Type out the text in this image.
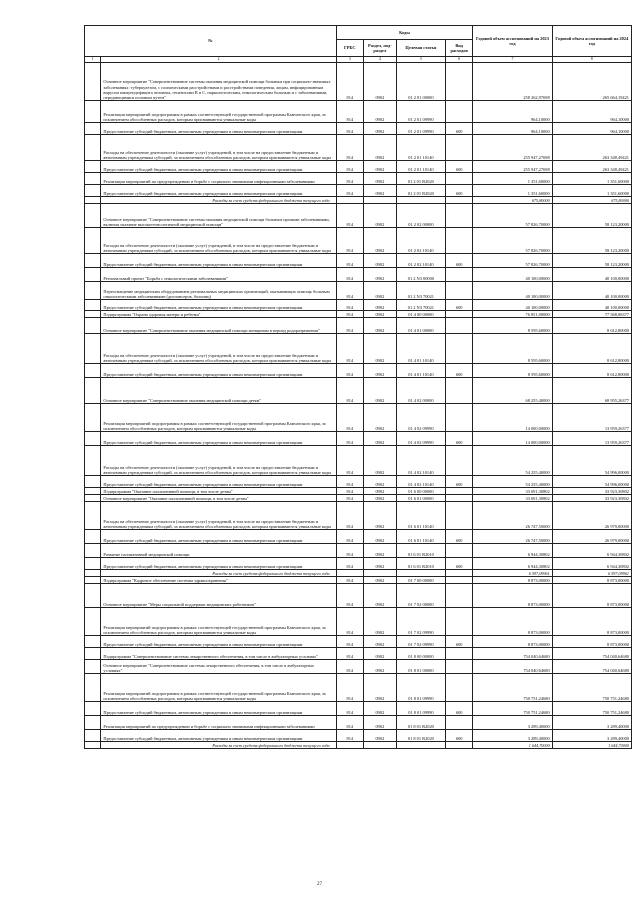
№		Коды				Годовой объем ассигнований на 2023 год	Годовой объем ассигнований на 2024 год
		ГРБС	Раздел, под-раздел	Целевая статья	Вид расходов		
1	2	3	4	5	6	7	8
	Основное мероприятие "Совершенствование системы оказания медицинской помощи больным при социально-значимых заболеваниях: туберкулезом, с психическими расстройствами и расстройствами поведения, лицам, инфицированным вирусом иммунодефицита человека, гепатитами В и С, наркологическим, онкологическим больным и с заболеваниями, передающимися половым путем"	814	0902	01 2 01 00000		258 262,97698	265 664,19421
	Реализация мероприятий подпрограммы в рамках соответствующей государственной программы Камчатского края, за исключением обособленных расходов, которым присваиваются уникальные коды	814	0902	01 2 01 09990		964,10000	964,10000
	Предоставление субсидий бюджетным, автономным учреждениям и иным некоммерческим организациям	814	0902	01 2 01 09990	600	964,10000	964,10000
	Расходы на обеспечение деятельности (оказание услуг) учреждений, в том числе на предоставление бюджетным и автономным учреждениям субсидий, за исключением обособленных расходов, которым присваиваются уникальные коды	814	0902	01 2 01 10140		255 947,27698	263 348,49421
	Предоставление субсидий бюджетным, автономным учреждениям и иным некоммерческим организациям	814	0902	01 2 01 10140	600	255 947,27698	263 348,49421
	Реализация мероприятий по предупреждению и борьбе с социально значимыми инфекционными заболеваниями	814	0902	01 2 01 R2020		1 351,60000	1 351,60000
	Предоставление субсидий бюджетным, автономным учреждениям и иным некоммерческим организациям	814	0902	01 2 01 R2020	600	1 351,60000	1 351,60000
	Расходы за счет средств федерального бюджета текущего года					675,80000	675,80000
	Основное мероприятие "Совершенствование системы оказания медицинской помощи больным прочими заболеваниями, включая оказание высокотехнологичной медицинской помощи"	814	0902	01 2 02 00000		57 826,70000	58 123,20000
	Расходы на обеспечение деятельности (оказание услуг) учреждений, в том числе на предоставление бюджетным и автономным учреждениям субсидий, за исключением обособленных расходов, которым присваиваются уникальные коды	814	0902	01 2 02 10140		57 826,70000	58 123,20000
	Предоставление субсидий бюджетным, автономным учреждениям и иным некоммерческим организациям	814	0902	01 2 02 10140	600	57 826,70000	58 123,20000
	Региональный проект "Борьба с онкологическими заболеваниями"	814	0902	01 2 N3 00000		40 100,00000	40 100,00000
	Переоснащение медицинским оборудованием региональных медицинских организаций, оказывающих помощь больным онкологическими заболеваниями (диспансеров, больниц)	814	0902	01 2 N3 70021		40 100,00000	40 100,00000
	Предоставление субсидий бюджетным, автономным учреждениям и иным некоммерческим организациям	814	0902	01 2 N3 70021	600	40 100,00000	40 100,00000
	Подпрограмма "Охрана здоровья матери и ребенка"	814	0902	01 4 00 00000		76 851,00000	77 568,06377
	Основное мероприятие "Совершенствование оказания медицинской помощи женщинам в период родоразрешения"	814	0902	01 4 01 00000		8 595,60000	8 612,80000
	Расходы на обеспечение деятельности (оказание услуг) учреждений, в том числе на предоставление бюджетным и автономным учреждениям субсидий, за исключением обособленных расходов, которым присваиваются уникальные коды	814	0902	01 4 01 10140		8 595,60000	8 612,80000
	Предоставление субсидий бюджетным, автономным учреждениям и иным некоммерческим организациям	814	0902	01 4 01 10140	600	8 595,60000	8 612,80000
	Основное мероприятие "Совершенствование оказания медицинской помощи детям"	814	0902	01 4 02 00000		68 255,40000	68 955,26377
	Реализация мероприятий подпрограммы в рамках соответствующей государственной программы Камчатского края, за исключением обособленных расходов, которым присваиваются уникальные коды	814	0902	01 4 02 09990		14 000,00000	13 959,26377
	Предоставление субсидий бюджетным, автономным учреждениям и иным некоммерческим организациям	814	0902	01 4 02 09990	600	14 000,00000	13 959,26377
	Расходы на обеспечение деятельности (оказание услуг) учреждений, в том числе на предоставление бюджетным и автономным учреждениям субсидий, за исключением обособленных расходов, которым присваиваются уникальные коды	814	0902	01 4 02 10140		54 255,40000	54 996,00000
	Предоставление субсидий бюджетным, автономным учреждениям и иным некоммерческим организациям	814	0902	01 4 02 10140	600	54 255,40000	54 996,00000
	Подпрограмма "Оказание паллиативной помощи, в том числе детям"	814	0902	01 6 00 00000		33 691,30802	33 923,30802
	Основное мероприятие "Оказание паллиативной помощи, в том числе детям"	814	0902	01 6 01 00000		33 691,30802	33 923,30802
	Расходы на обеспечение деятельности (оказание услуг) учреждений, в том числе на предоставление бюджетным и автономным учреждениям субсидий, за исключением обособленных расходов, которым присваиваются уникальные коды	814	0902	01 6 01 10140		26 747,50000	26 979,00000
	Предоставление субсидий бюджетным, автономным учреждениям и иным некоммерческим организациям	814	0902	01 6 01 10140	600	26 747,50000	26 979,00000
	Развитие паллиативной медицинской помощи	814	0902	01 6 01 R2010		6 944,30802	6 944,30802
	Предоставление субсидий бюджетным, автономным учреждениям и иным некоммерческим организациям	814	0902	01 6 01 R2010	600	6 944,30802	6 944,30802
	Расходы за счет средств федерального бюджета текущего года					6 597,09961	6 597,09961
	Подпрограмма "Кадровое обеспечение системы здравоохранения"	814	0902	01 7 00 00000		8 873,00000	8 873,00000
	Основное мероприятие "Меры социальной поддержки медицинских работников"	814	0902	01 7 02 00000		8 873,00000	8 873,00000
	Реализация мероприятий подпрограммы в рамках соответствующей государственной программы Камчатского края, за исключением обособленных расходов, которым присваиваются уникальные коды	814	0902	01 7 02 09990		8 873,00000	8 873,00000
	Предоставление субсидий бюджетным, автономным учреждениям и иным некоммерческим организациям	814	0902	01 7 02 09990	600	8 873,00000	8 873,00000
	Подпрограмма "Совершенствование системы лекарственного обеспечения, в том числе в амбулаторных условиях"	814	0902	01 8 00 00000		754 040,64680	754 040,64680
	Основное мероприятие "Совершенствование системы лекарственного обеспечения, в том числе в амбулаторных условиях"	814	0902	01 8 01 00000		754 040,64680	754 040,64680
	Реализация мероприятий подпрограммы в рамках соответствующей государственной программы Камчатского края, за исключением обособленных расходов, которым присваиваются уникальные коды	814	0902	01 8 01 09990		750 751,24680	750 751,24680
	Предоставление субсидий бюджетным, автономным учреждениям и иным некоммерческим организациям	814	0902	01 8 01 09990	600	750 751,24680	750 751,24680
	Реализация мероприятий по предупреждению и борьбе с социально значимыми инфекционными заболеваниями	814	0902	01 8 01 R2020		3 289,40000	3 289,40000
	Предоставление субсидий бюджетным, автономным учреждениям и иным некоммерческим организациям	814	0902	01 8 01 R2020	600	3 289,40000	3 289,40000
	Расходы за счет средств федерального бюджета текущего года					1 644,70000	1 644,70000
27
